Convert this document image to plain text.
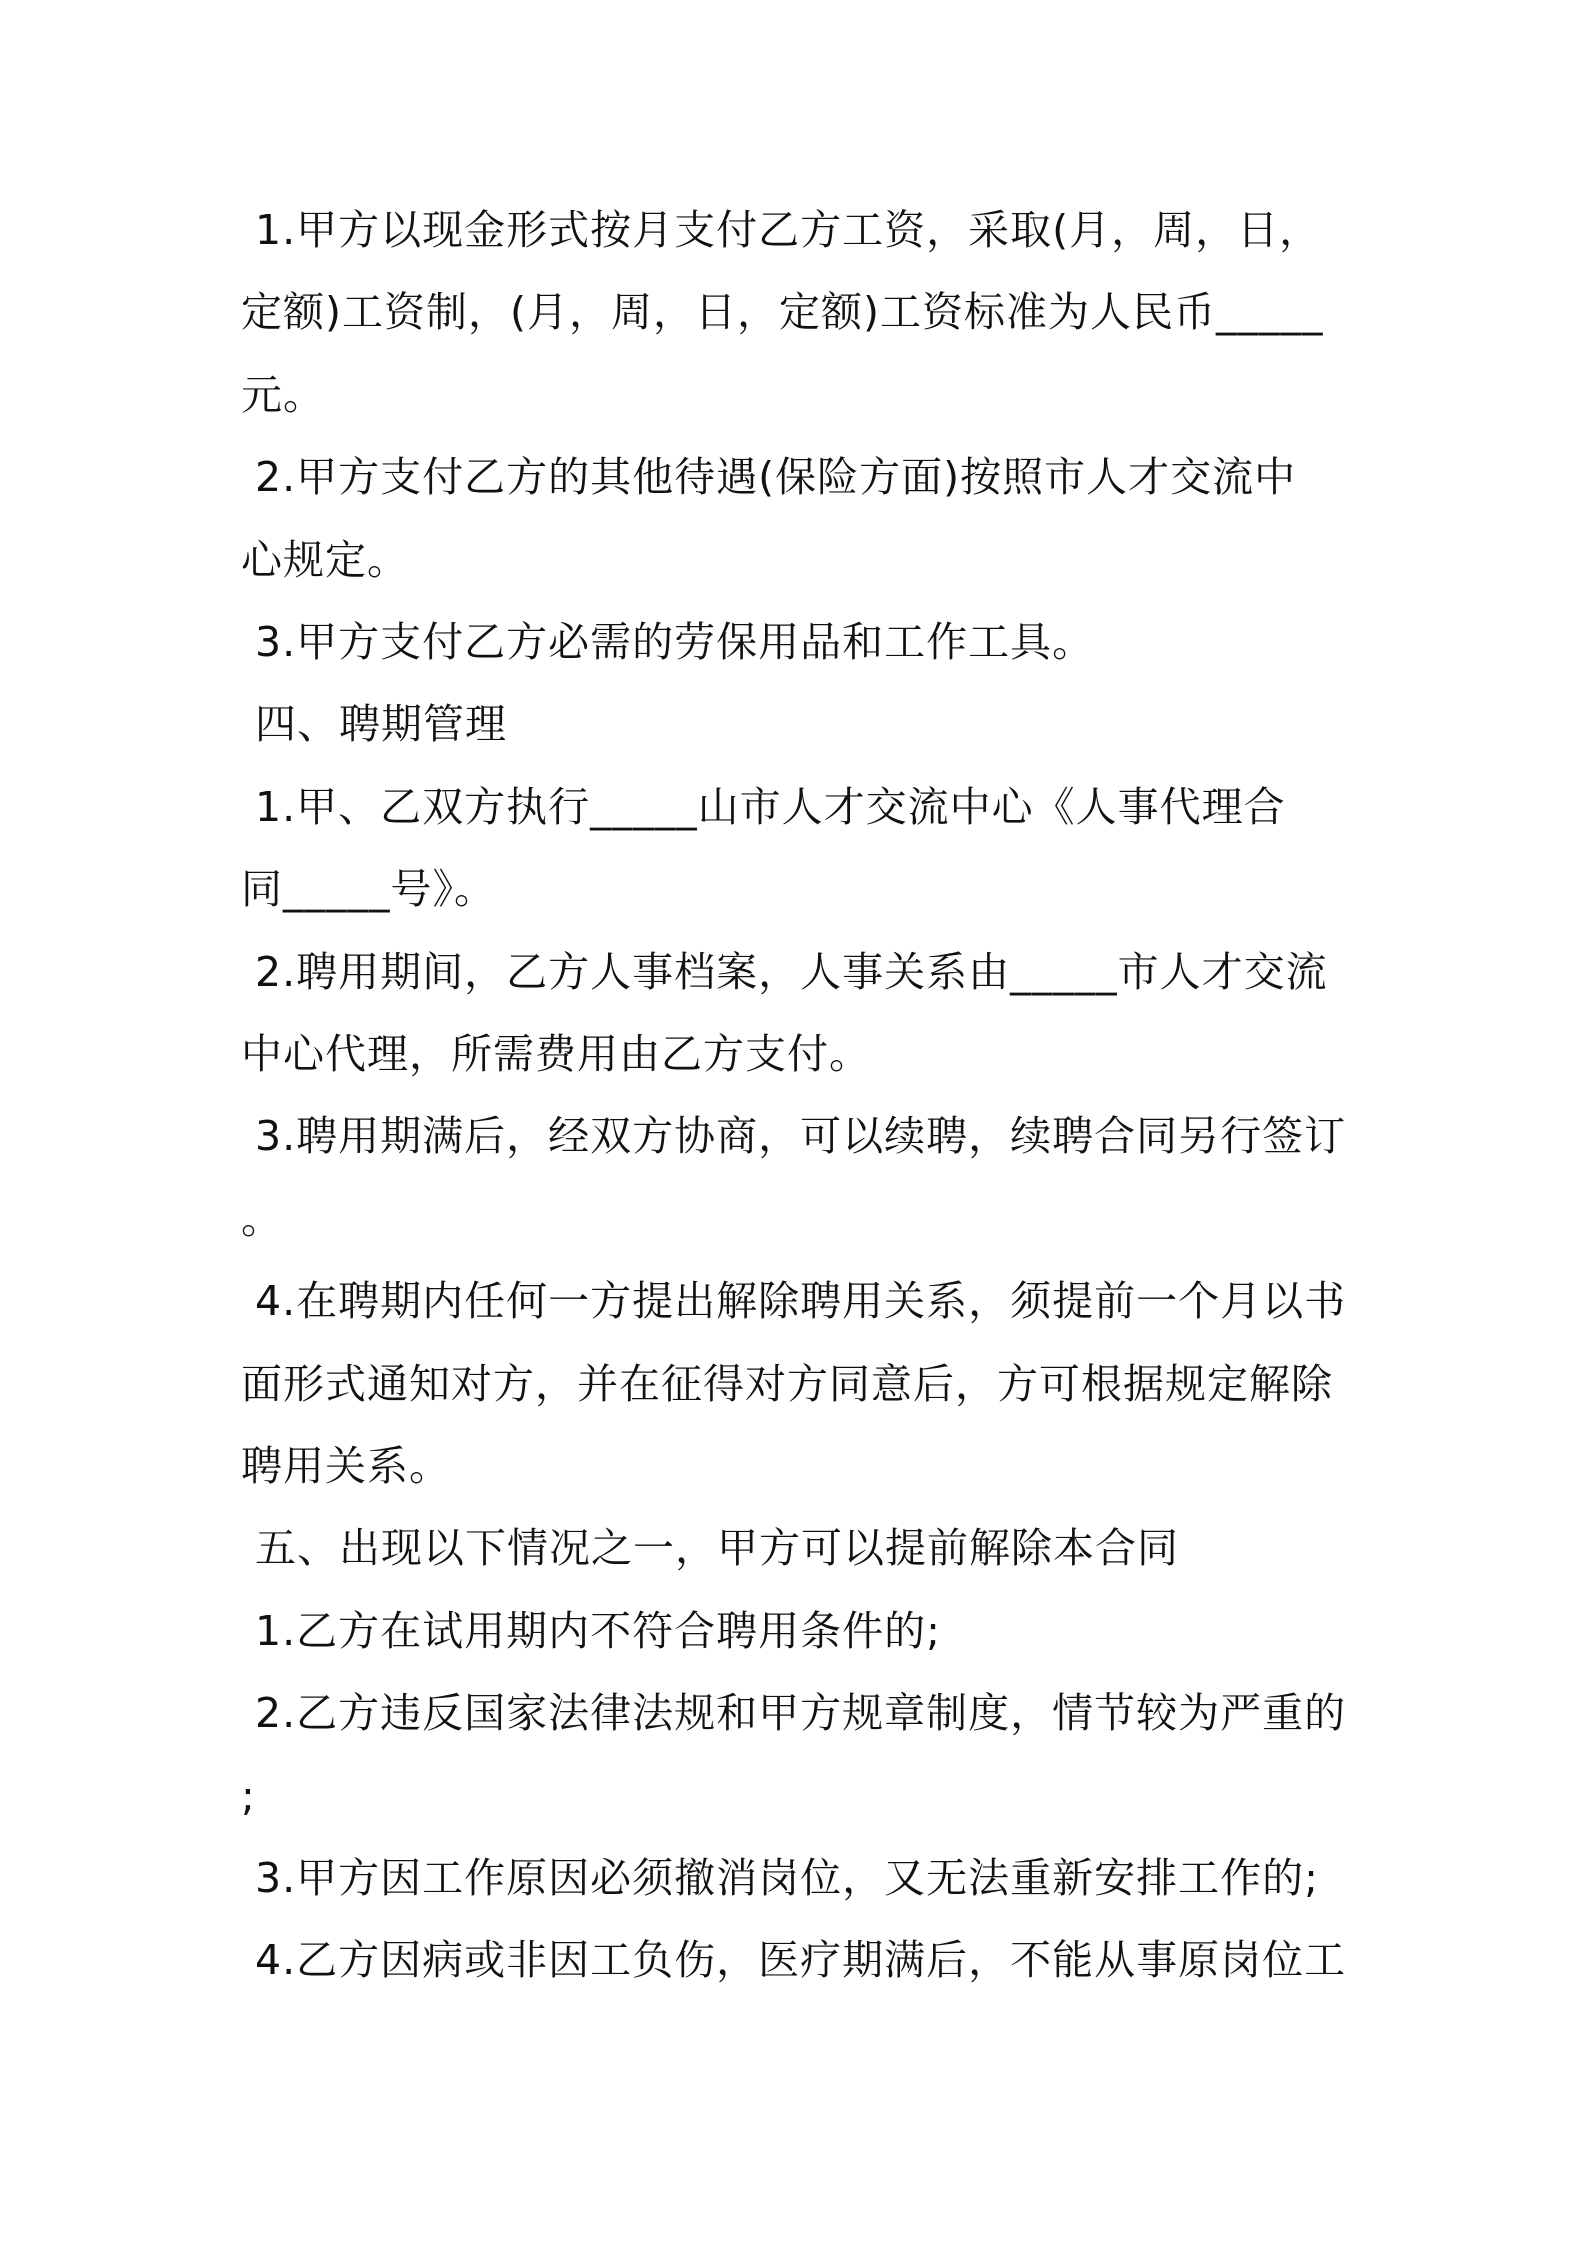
1.甲方以现金形式按月支付乙方工资，采取(月，周，日，
定额)工资制，(月，周，日，定额)工资标准为人民币_____
元。
2.甲方支付乙方的其他待遇(保险方面)按照市人才交流中
心规定。
3.甲方支付乙方必需的劳保用品和工作工具。
四、聘期管理
1.甲、乙双方执行_____山市人才交流中心《人事代理合
同_____号》。
2.聘用期间，乙方人事档案，人事关系由_____市人才交流
中心代理，所需费用由乙方支付。
3.聘用期满后，经双方协商，可以续聘，续聘合同另行签订
。
4.在聘期内任何一方提出解除聘用关系，须提前一个月以书
面形式通知对方，并在征得对方同意后，方可根据规定解除
聘用关系。
五、出现以下情况之一，甲方可以提前解除本合同
1.乙方在试用期内不符合聘用条件的;
2.乙方违反国家法律法规和甲方规章制度，情节较为严重的
;
3.甲方因工作原因必须撤消岗位，又无法重新安排工作的;
4.乙方因病或非因工负伤，医疗期满后，不能从事原岗位工
